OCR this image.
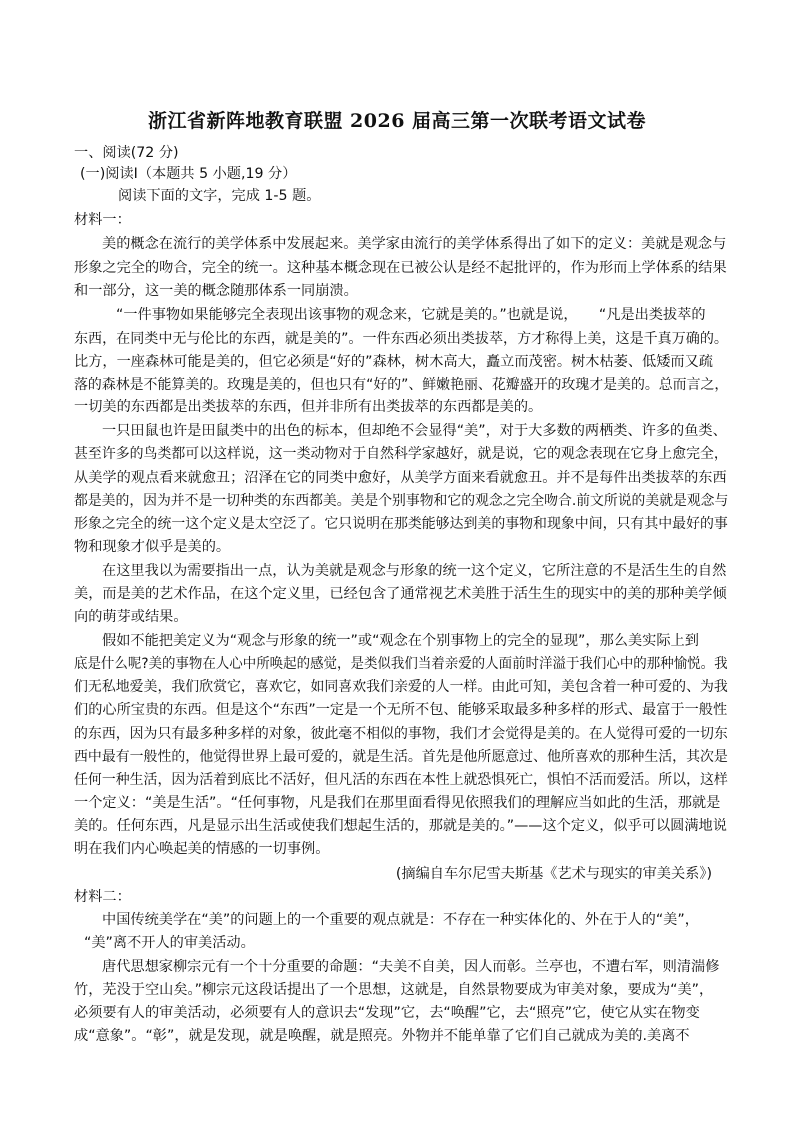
浙江省新阵地教育联盟 2026 届高三第一次联考语文试卷
一、阅读(72 分)
(一)阅读Ⅰ（本题共 5 小题,19 分）
阅读下面的文字，完成 1-5 题。
材料一：
美的概念在流行的美学体系中发展起来。美学家由流行的美学体系得出了如下的定义：美就是观念与
形象之完全的吻合，完全的统一。这种基本概念现在已被公认是经不起批评的，作为形而上学体系的结果
和一部分，这一美的概念随那体系一同崩溃。
“一件事物如果能够完全表现出该事物的观念来，它就是美的。”也就是说，　　“凡是出类拔萃的
东西，在同类中无与伦比的东西，就是美的”。一件东西必须出类拔萃，方才称得上美，这是千真万确的。
比方，一座森林可能是美的，但它必须是“好的”森林，树木高大，矗立而茂密。树木枯萎、低矮而又疏
落的森林是不能算美的。玫瑰是美的，但也只有“好的”、鲜嫩艳丽、花瓣盛开的玫瑰才是美的。总而言之，
一切美的东西都是出类拔萃的东西，但并非所有出类拔萃的东西都是美的。
一只田鼠也许是田鼠类中的出色的标本，但却绝不会显得“美”，对于大多数的两栖类、许多的鱼类、
甚至许多的鸟类都可以这样说，这一类动物对于自然科学家越好，就是说，它的观念表现在它身上愈完全，
从美学的观点看来就愈丑；沼泽在它的同类中愈好，从美学方面来看就愈丑。并不是每件出类拔萃的东西
都是美的，因为并不是一切种类的东西都美。美是个别事物和它的观念之完全吻合.前文所说的美就是观念与
形象之完全的统一这个定义是太空泛了。它只说明在那类能够达到美的事物和现象中间，只有其中最好的事
物和现象才似乎是美的。
在这里我以为需要指出一点，认为美就是观念与形象的统一这个定义，它所注意的不是活生生的自然
美，而是美的艺术作品，在这个定义里，已经包含了通常视艺术美胜于活生生的现实中的美的那种美学倾
向的萌芽或结果。
假如不能把美定义为“观念与形象的统一”或“观念在个别事物上的完全的显现”，那么美实际上到
底是什么呢?美的事物在人心中所唤起的感觉，是类似我们当着亲爱的人面前时洋溢于我们心中的那种愉悦。我
们无私地爱美，我们欣赏它，喜欢它，如同喜欢我们亲爱的人一样。由此可知，美包含着一种可爱的、为我
们的心所宝贵的东西。但是这个“东西”一定是一个无所不包、能够采取最多种多样的形式、最富于一般性
的东西，因为只有最多种多样的对象，彼此毫不相似的事物，我们才会觉得是美的。在人觉得可爱的一切东
西中最有一般性的，他觉得世界上最可爱的，就是生活。首先是他所愿意过、他所喜欢的那种生活，其次是
任何一种生活，因为活着到底比不活好，但凡活的东西在本性上就恐惧死亡，惧怕不活而爱活。所以，这样
一个定义：“美是生活”。“任何事物，凡是我们在那里面看得见依照我们的理解应当如此的生活，那就是
美的。任何东西，凡是显示出生活或使我们想起生活的，那就是美的。”——这个定义，似乎可以圆满地说
明在我们内心唤起美的情感的一切事例。
(摘编自车尔尼雪夫斯基《艺术与现实的审美关系》)
材料二：
中国传统美学在“美”的问题上的一个重要的观点就是：不存在一种实体化的、外在于人的“美”，
“美”离不开人的审美活动。
唐代思想家柳宗元有一个十分重要的命题：“夫美不自美，因人而彰。兰亭也，不遭右军，则清湍修
竹，芜没于空山矣。”柳宗元这段话提出了一个思想，这就是，自然景物要成为审美对象，要成为“美”，
必须要有人的审美活动，必须要有人的意识去“发现”它，去“唤醒”它，去“照亮”它，使它从实在物变
成“意象”。“彰”，就是发现，就是唤醒，就是照亮。外物并不能单靠了它们自己就成为美的.美离不
